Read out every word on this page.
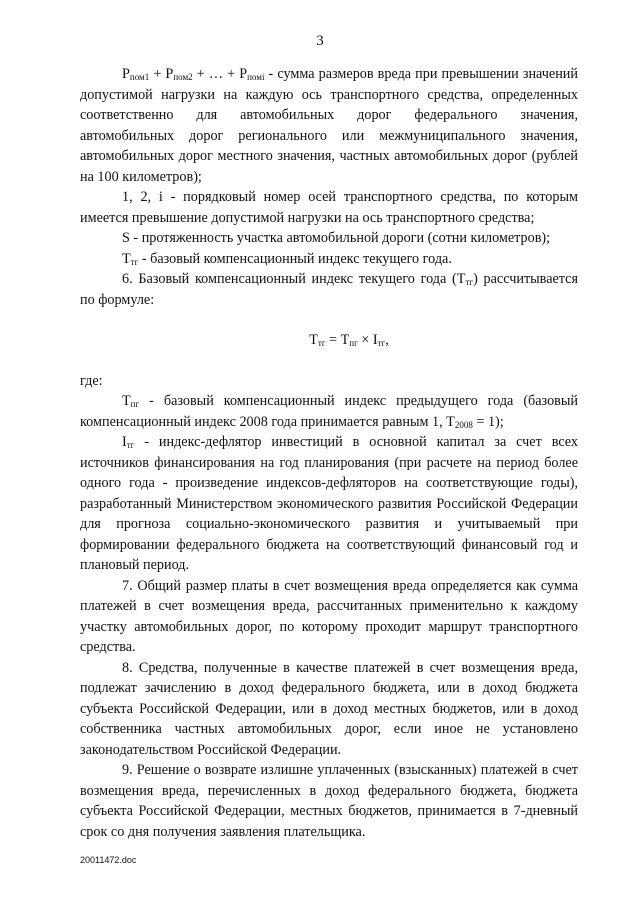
3

$Р_{пом1} + Р_{пом2}$ + … + $Р_{помi}$ - сумма размеров вреда при превышении значений допустимой нагрузки на каждую ось транспортного средства, определенных соответственно для автомобильных дорог федерального значения, автомобильных дорог регионального или межмуниципального значения, автомобильных дорог местного значения, частных автомобильных дорог (рублей на 100 километров);

1, 2, i - порядковый номер осей транспортного средства, по которым имеется превышение допустимой нагрузки на ось транспортного средства;

S - протяженность участка автомобильной дороги (сотни километров);

$Т_{тг}$ - базовый компенсационный индекс текущего года.

6. Базовый компенсационный индекс текущего года $(Т_{тг})$ рассчитывается по формуле:

$Т_{тг} = Т_{пг} \times I_{тг}$,

где:

$Т_{пг}$ - базовый компенсационный индекс предыдущего года (базовый компенсационный индекс 2008 года принимается равным 1, $Т_{2008} = 1$);

$I_{тг}$ - индекс-дефлятор инвестиций в основной капитал за счет всех источников финансирования на год планирования (при расчете на период более одного года - произведение индексов-дефляторов на соответствующие годы), разработанный Министерством экономического развития Российской Федерации для прогноза социально-экономического развития и учитываемый при формировании федерального бюджета на соответствующий финансовый год и плановый период.

7. Общий размер платы в счет возмещения вреда определяется как сумма платежей в счет возмещения вреда, рассчитанных применительно к каждому участку автомобильных дорог, по которому проходит маршрут транспортного средства.

8. Средства, полученные в качестве платежей в счет возмещения вреда, подлежат зачислению в доход федерального бюджета, или в доход бюджета субъекта Российской Федерации, или в доход местных бюджетов, или в доход собственника частных автомобильных дорог, если иное не установлено законодательством Российской Федерации.

9. Решение о возврате излишне уплаченных (взысканных) платежей в счет возмещения вреда, перечисленных в доход федерального бюджета, бюджета субъекта Российской Федерации, местных бюджетов, принимается в 7-дневный срок со дня получения заявления плательщика.

20011472.doc
